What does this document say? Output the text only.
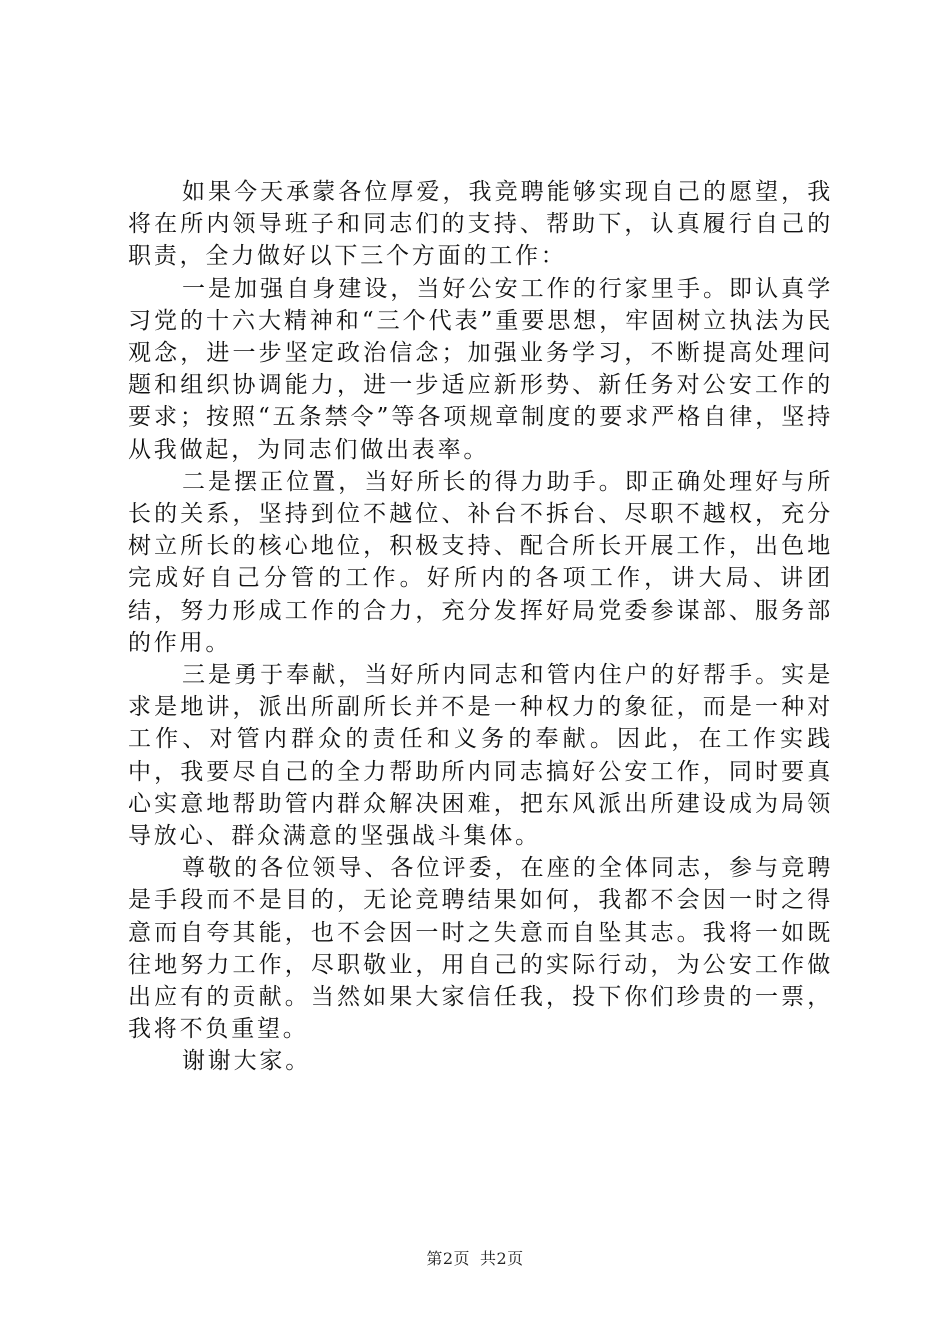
如果今天承蒙各位厚爱，我竞聘能够实现自己的愿望，我将在所内领导班子和同志们的支持、帮助下，认真履行自己的职责，全力做好以下三个方面的工作：

一是加强自身建设，当好公安工作的行家里手。即认真学习党的十六大精神和“三个代表”重要思想，牢固树立执法为民观念，进一步坚定政治信念；加强业务学习，不断提高处理问题和组织协调能力，进一步适应新形势、新任务对公安工作的要求；按照“五条禁令”等各项规章制度的要求严格自律，坚持从我做起，为同志们做出表率。

二是摆正位置，当好所长的得力助手。即正确处理好与所长的关系，坚持到位不越位、补台不拆台、尽职不越权，充分树立所长的核心地位，积极支持、配合所长开展工作，出色地完成好自己分管的工作。好所内的各项工作，讲大局、讲团结，努力形成工作的合力，充分发挥好局党委参谋部、服务部的作用。

三是勇于奉献，当好所内同志和管内住户的好帮手。实是求是地讲，派出所副所长并不是一种权力的象征，而是一种对工作、对管内群众的责任和义务的奉献。因此，在工作实践中，我要尽自己的全力帮助所内同志搞好公安工作，同时要真心实意地帮助管内群众解决困难，把东风派出所建设成为局领导放心、群众满意的坚强战斗集体。

尊敬的各位领导、各位评委，在座的全体同志，参与竞聘是手段而不是目的，无论竞聘结果如何，我都不会因一时之得意而自夸其能，也不会因一时之失意而自坠其志。我将一如既往地努力工作，尽职敬业，用自己的实际行动，为公安工作做出应有的贡献。当然如果大家信任我，投下你们珍贵的一票，我将不负重望。

谢谢大家。

第2页 共2页
